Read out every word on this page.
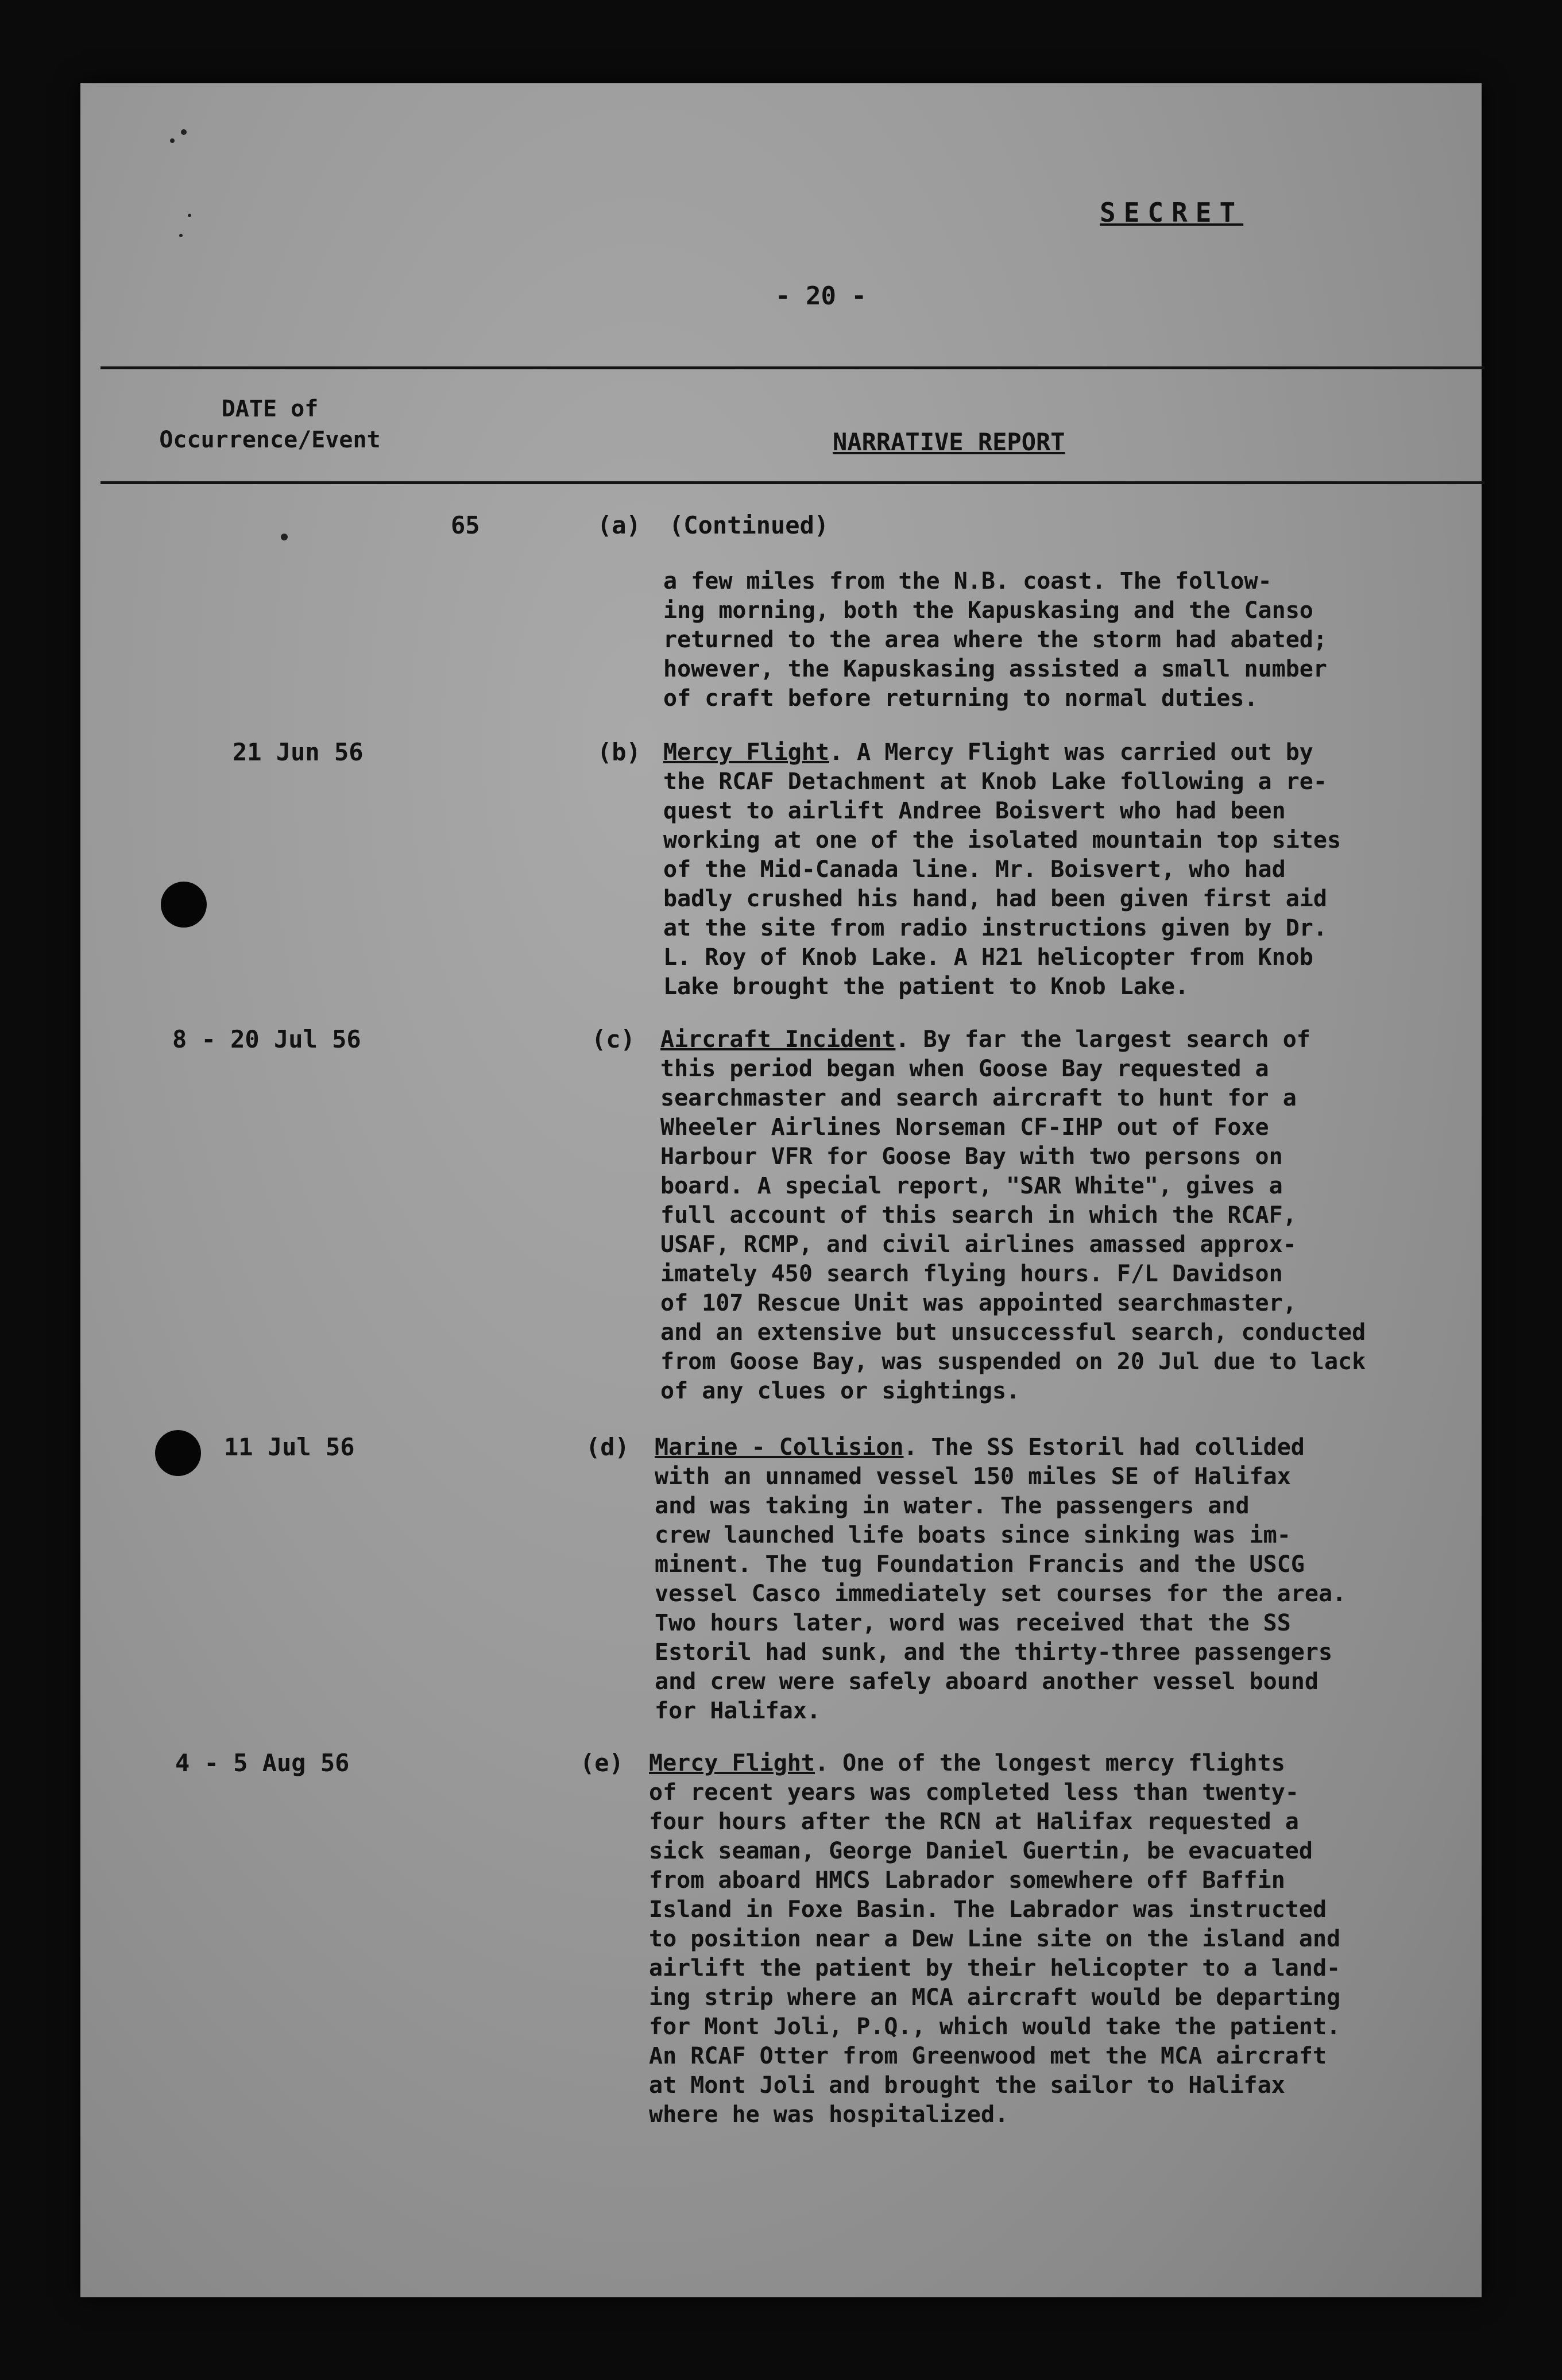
SECRET
- 20 -
DATE of
Occurrence/Event	NARRATIVE REPORT
65	(a) (Continued)
a few miles from the N.B. coast. The follow-
ing morning, both the Kapuskasing and the Canso
returned to the area where the storm had abated;
however, the Kapuskasing assisted a small number
of craft before returning to normal duties.
21 Jun 56	(b) Mercy Flight. A Mercy Flight was carried out by
the RCAF Detachment at Knob Lake following a re-
quest to airlift Andree Boisvert who had been
working at one of the isolated mountain top sites
of the Mid-Canada line. Mr. Boisvert, who had
badly crushed his hand, had been given first aid
at the site from radio instructions given by Dr.
L. Roy of Knob Lake. A H21 helicopter from Knob
Lake brought the patient to Knob Lake.
8 - 20 Jul 56	(c) Aircraft Incident. By far the largest search of
this period began when Goose Bay requested a
searchmaster and search aircraft to hunt for a
Wheeler Airlines Norseman CF-IHP out of Foxe
Harbour VFR for Goose Bay with two persons on
board. A special report, "SAR White", gives a
full account of this search in which the RCAF,
USAF, RCMP, and civil airlines amassed approx-
imately 450 search flying hours. F/L Davidson
of 107 Rescue Unit was appointed searchmaster,
and an extensive but unsuccessful search, conducted
from Goose Bay, was suspended on 20 Jul due to lack
of any clues or sightings.
11 Jul 56	(d) Marine - Collision. The SS Estoril had collided
with an unnamed vessel 150 miles SE of Halifax
and was taking in water. The passengers and
crew launched life boats since sinking was im-
minent. The tug Foundation Francis and the USCG
vessel Casco immediately set courses for the area.
Two hours later, word was received that the SS
Estoril had sunk, and the thirty-three passengers
and crew were safely aboard another vessel bound
for Halifax.
4 - 5 Aug 56	(e) Mercy Flight. One of the longest mercy flights
of recent years was completed less than twenty-
four hours after the RCN at Halifax requested a
sick seaman, George Daniel Guertin, be evacuated
from aboard HMCS Labrador somewhere off Baffin
Island in Foxe Basin. The Labrador was instructed
to position near a Dew Line site on the island and
airlift the patient by their helicopter to a land-
ing strip where an MCA aircraft would be departing
for Mont Joli, P.Q., which would take the patient.
An RCAF Otter from Greenwood met the MCA aircraft
at Mont Joli and brought the sailor to Halifax
where he was hospitalized.
